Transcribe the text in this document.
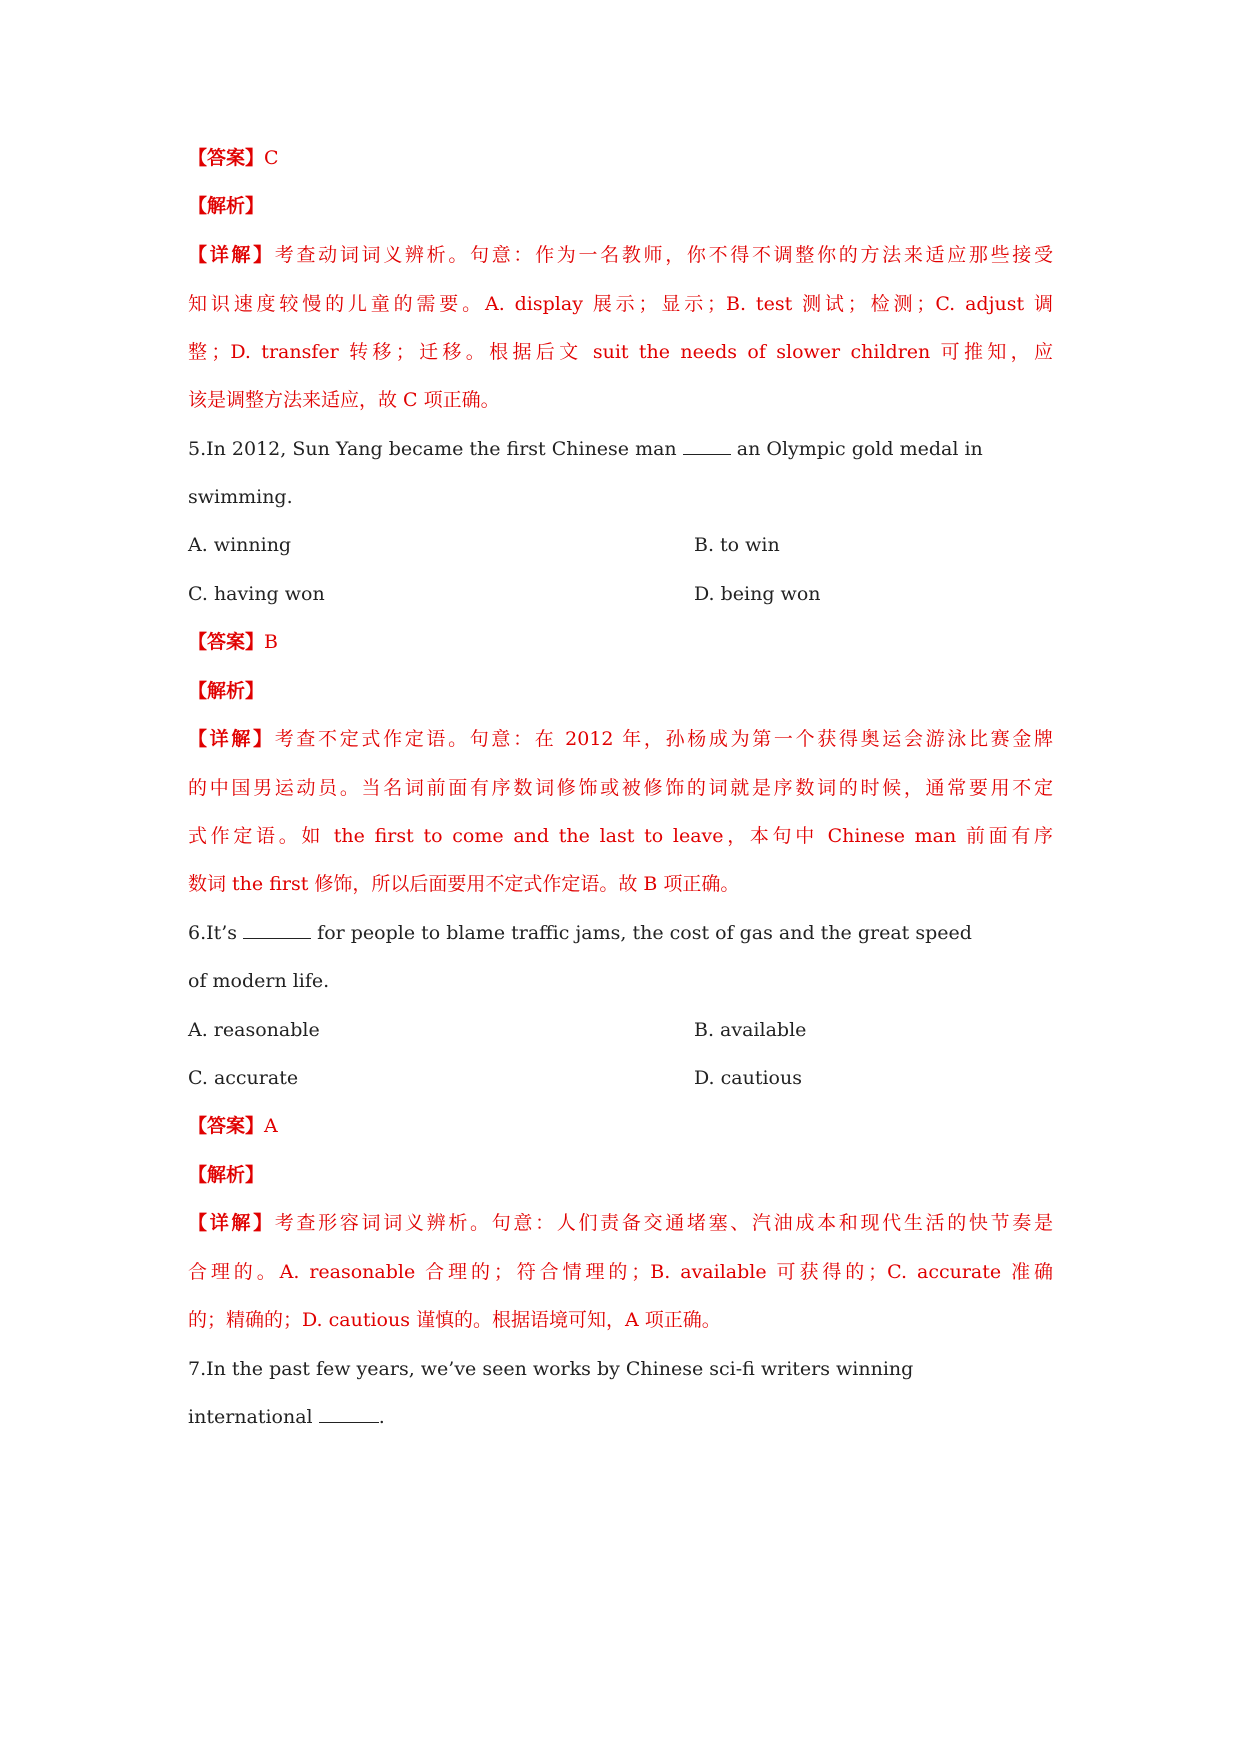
【答案】C
【解析】
【详解】考查动词词义辨析。句意：作为一名教师，你不得不调整你的方法来适应那些接受
知识速度较慢的儿童的需要。A. display 展示；显示；B. test 测试；检测；C. adjust 调
整；D. transfer 转移；迁移。根据后文 suit the needs of slower children 可推知，应
该是调整方法来适应，故 C 项正确。
5.In 2012, Sun Yang became the first Chinese man	an Olympic gold medal in
swimming.
A. winning	B. to win
C. having won	D. being won
【答案】B
【解析】
【详解】考查不定式作定语。句意：在 2012 年，孙杨成为第一个获得奥运会游泳比赛金牌
的中国男运动员。当名词前面有序数词修饰或被修饰的词就是序数词的时候，通常要用不定
式作定语。如 the first to come and the last to leave，本句中 Chinese man 前面有序
数词 the first 修饰，所以后面要用不定式作定语。故 B 项正确。
6.It’s	for people to blame traffic jams, the cost of gas and the great speed
of modern life.
A. reasonable	B. available
C. accurate	D. cautious
【答案】A
【解析】
【详解】考查形容词词义辨析。句意：人们责备交通堵塞、汽油成本和现代生活的快节奏是
合理的。A. reasonable 合理的；符合情理的；B. available 可获得的；C. accurate 准确
的；精确的；D. cautious 谨慎的。根据语境可知，A 项正确。
7.In the past few years, we’ve seen works by Chinese sci-fi writers winning
international	.
